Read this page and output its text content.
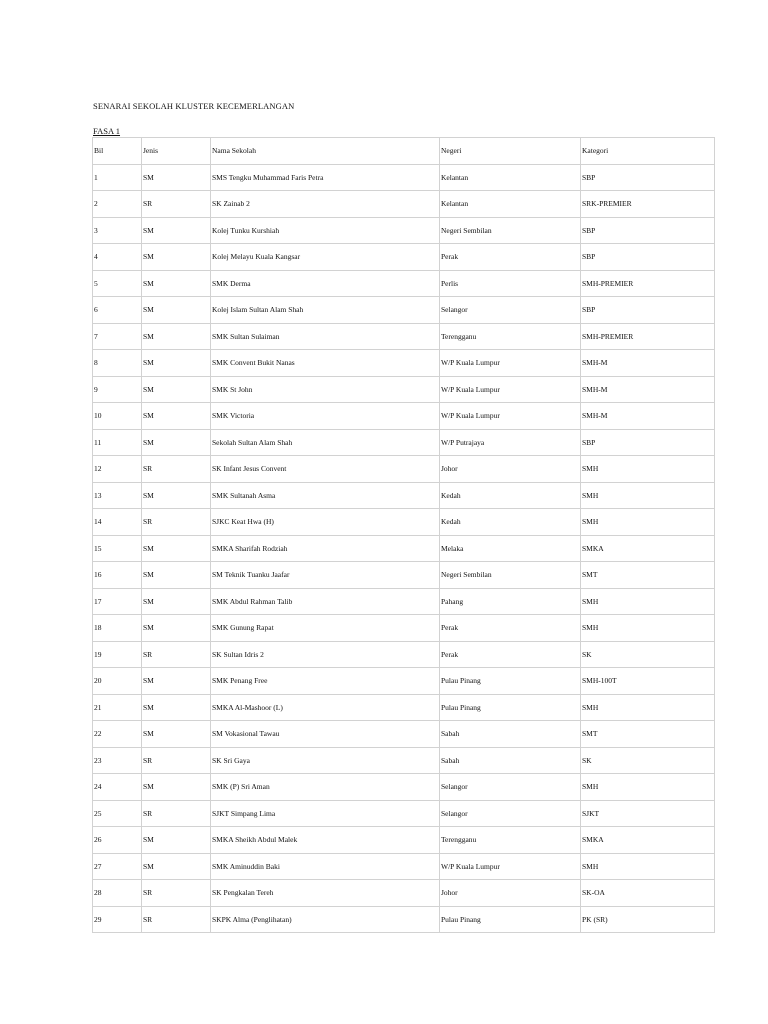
SENARAI SEKOLAH KLUSTER KECEMERLANGAN
FASA 1
Bil	Jenis	Nama Sekolah	Negeri	Kategori
1	SM	SMS Tengku Muhammad Faris Petra	Kelantan	SBP
2	SR	SK Zainab 2	Kelantan	SRK-PREMIER
3	SM	Kolej Tunku Kurshiah	Negeri Sembilan	SBP
4	SM	Kolej Melayu Kuala Kangsar	Perak	SBP
5	SM	SMK Derma	Perlis	SMH-PREMIER
6	SM	Kolej Islam Sultan Alam Shah	Selangor	SBP
7	SM	SMK Sultan Sulaiman	Terengganu	SMH-PREMIER
8	SM	SMK Convent Bukit Nanas	W/P Kuala Lumpur	SMH-M
9	SM	SMK St John	W/P Kuala Lumpur	SMH-M
10	SM	SMK Victoria	W/P Kuala Lumpur	SMH-M
11	SM	Sekolah Sultan Alam Shah	W/P Putrajaya	SBP
12	SR	SK Infant Jesus Convent	Johor	SMH
13	SM	SMK Sultanah Asma	Kedah	SMH
14	SR	SJKC Keat Hwa (H)	Kedah	SMH
15	SM	SMKA Sharifah Rodziah	Melaka	SMKA
16	SM	SM Teknik Tuanku Jaafar	Negeri Sembilan	SMT
17	SM	SMK Abdul Rahman Talib	Pahang	SMH
18	SM	SMK Gunung Rapat	Perak	SMH
19	SR	SK Sultan Idris 2	Perak	SK
20	SM	SMK Penang Free	Pulau Pinang	SMH-100T
21	SM	SMKA Al-Mashoor (L)	Pulau Pinang	SMH
22	SM	SM Vokasional Tawau	Sabah	SMT
23	SR	SK Sri Gaya	Sabah	SK
24	SM	SMK (P) Sri Aman	Selangor	SMH
25	SR	SJKT Simpang Lima	Selangor	SJKT
26	SM	SMKA Sheikh Abdul Malek	Terengganu	SMKA
27	SM	SMK Aminuddin Baki	W/P Kuala Lumpur	SMH
28	SR	SK Pengkalan Tereh	Johor	SK-OA
29	SR	SKPK Alma (Penglihatan)	Pulau Pinang	PK (SR)
